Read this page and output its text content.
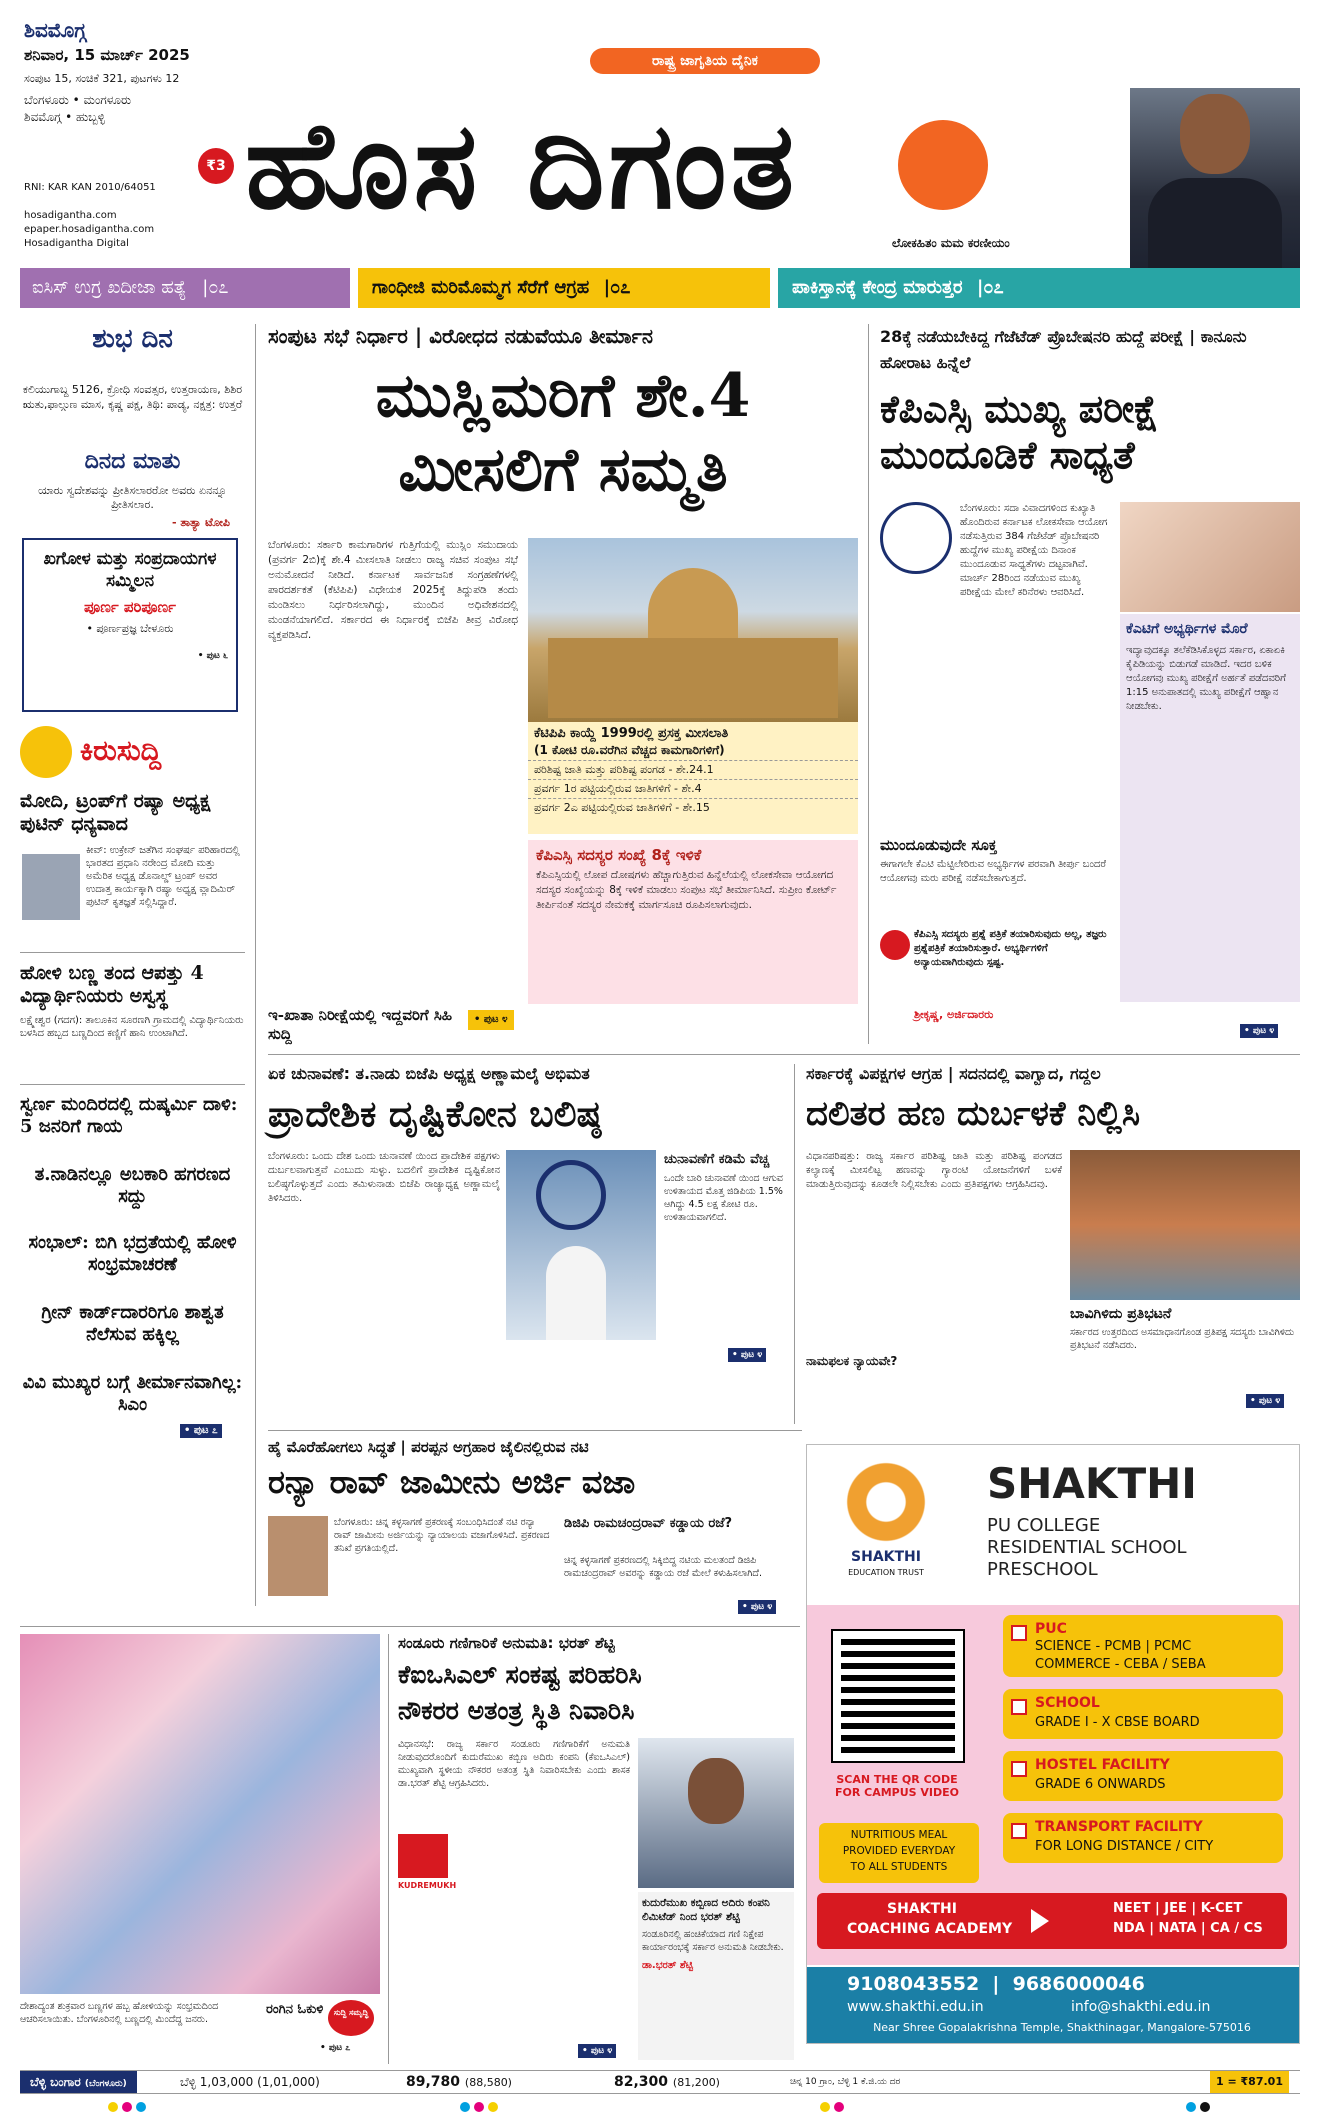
ಶಿವಮೊಗ್ಗ
ಶನಿವಾರ, 15 ಮಾರ್ಚ್ 2025
ಸಂಪುಟ 15, ಸಂಚಿಕೆ 321, ಪುಟಗಳು 12
ಬೆಂಗಳೂರು • ಮಂಗಳೂರು
ಶಿವಮೊಗ್ಗ • ಹುಬ್ಬಳ್ಳಿ
₹3
RNI: KAR KAN 2010/64051
hosadigantha.com
epaper.hosadigantha.com
Hosadigantha Digital
ರಾಷ್ಟ್ರ ಜಾಗೃತಿಯ ದೈನಿಕ
ಹೊಸ ದಿಗಂತ
ಲೋಕಹಿತಂ ಮಮ ಕರಣೀಯಂ
ಐಸಿಸ್ ಉಗ್ರ ಖದೀಜಾ ಹತ್ಯೆ |೦೭	ಗಾಂಧೀಜಿ ಮರಿಮೊಮ್ಮಗ ಸೆರೆಗೆ ಆಗ್ರಹ |೦೭	ಪಾಕಿಸ್ತಾನಕ್ಕೆ ಕೇಂದ್ರ ಮಾರುತ್ತರ |೦೭
ಶುಭ ದಿನ
ಕಲಿಯುಗಾಬ್ದ 5126, ಕ್ರೋಧಿ ಸಂವತ್ಸರ, ಉತ್ತರಾಯಣ, ಶಿಶಿರ ಋತು,ಫಾಲ್ಗುಣ ಮಾಸ, ಕೃಷ್ಣ ಪಕ್ಷ, ತಿಥಿ: ಪಾಡ್ಯ, ನಕ್ಷತ್ರ: ಉತ್ತರೆ
ದಿನದ ಮಾತು
ಯಾರು ಸ್ವದೇಶವನ್ನು ಪ್ರೀತಿಸಲಾರರೋ ಅವರು ಏನನ್ನೂ ಪ್ರೀತಿಸಲಾರ.
- ತಾತ್ಯಾ ಟೋಪಿ
ಖಗೋಳ ಮತ್ತು ಸಂಪ್ರದಾಯಗಳ ಸಮ್ಮಿಲನ
ಪೂರ್ಣ ಪರಿಪೂರ್ಣ
• ಪೂರ್ಣಪ್ರಜ್ಞ ಬೇಳೂರು
• ಪುಟ ೬
ಕಿರುಸುದ್ದಿ
ಮೋದಿ, ಟ್ರಂಪ್‌ಗೆ ರಷ್ಯಾ ಅಧ್ಯಕ್ಷ ಪುಟಿನ್ ಧನ್ಯವಾದ
ಕೀವ್: ಉಕ್ರೇನ್ ಜತೆಗಿನ ಸಂಘರ್ಷ ಪರಿಹಾರದಲ್ಲಿ ಭಾರತದ ಪ್ರಧಾನಿ ನರೇಂದ್ರ ಮೋದಿ ಮತ್ತು ಅಮೆರಿಕ ಅಧ್ಯಕ್ಷ ಡೊನಾಲ್ಡ್ ಟ್ರಂಪ್ ಅವರ ಉದಾತ್ತ ಕಾರ್ಯಕ್ಕಾಗಿ ರಷ್ಯಾ ಅಧ್ಯಕ್ಷ ವ್ಲಾದಿಮಿರ್ ಪುಟಿನ್ ಕೃತಜ್ಞತೆ ಸಲ್ಲಿಸಿದ್ದಾರೆ.
ಹೋಳಿ ಬಣ್ಣ ತಂದ ಆಪತ್ತು 4 ವಿದ್ಯಾರ್ಥಿನಿಯರು ಅಸ್ವಸ್ಥ
ಲಕ್ಷ್ಮೇಶ್ವರ (ಗದಗ): ತಾಲೂಕಿನ ಸೂರಣಗಿ ಗ್ರಾಮದಲ್ಲಿ ವಿದ್ಯಾರ್ಥಿನಿಯರು ಬಳಸಿದ ಹಬ್ಬದ ಬಣ್ಣದಿಂದ ಕಣ್ಣಿಗೆ ಹಾನಿ ಉಂಟಾಗಿದೆ.
ಸ್ವರ್ಣ ಮಂದಿರದಲ್ಲಿ ದುಷ್ಕರ್ಮಿ ದಾಳಿ: 5 ಜನರಿಗೆ ಗಾಯ
ತ.ನಾಡಿನಲ್ಲೂ ಅಬಕಾರಿ ಹಗರಣದ ಸದ್ದು
ಸಂಭಾಲ್: ಬಿಗಿ ಭದ್ರತೆಯಲ್ಲಿ ಹೋಳಿ ಸಂಭ್ರಮಾಚರಣೆ
ಗ್ರೀನ್ ಕಾರ್ಡ್‌ದಾರರಿಗೂ ಶಾಶ್ವತ ನೆಲೆಸುವ ಹಕ್ಕಿಲ್ಲ
ವಿವಿ ಮುಖ್ಯರ ಬಗ್ಗೆ ತೀರ್ಮಾನವಾಗಿಲ್ಲ: ಸಿಎಂ
• ಪುಟ ೭
ಸಂಪುಟ ಸಭೆ ನಿರ್ಧಾರ | ವಿರೋಧದ ನಡುವೆಯೂ ತೀರ್ಮಾನ
ಮುಸ್ಲಿಮರಿಗೆ ಶೇ.4
ಮೀಸಲಿಗೆ ಸಮ್ಮತಿ
ಬೆಂಗಳೂರು: ಸರ್ಕಾರಿ ಕಾಮಗಾರಿಗಳ ಗುತ್ತಿಗೆಯಲ್ಲಿ ಮುಸ್ಲಿಂ ಸಮುದಾಯ (ಪ್ರವರ್ಗ 2ಬಿ)ಕ್ಕೆ ಶೇ.4 ಮೀಸಲಾತಿ ನೀಡಲು ರಾಜ್ಯ ಸಚಿವ ಸಂಪುಟ ಸಭೆ ಅನುಮೋದನೆ ನೀಡಿದೆ. ಕರ್ನಾಟಕ ಸಾರ್ವಜನಿಕ ಸಂಗ್ರಹಣೆಗಳಲ್ಲಿ ಪಾರದರ್ಶಕತೆ (ಕೆಟಿಪಿಪಿ) ವಿಧೇಯಕ 2025ಕ್ಕೆ ತಿದ್ದುಪಡಿ ತಂದು ಮಂಡಿಸಲು ನಿರ್ಧರಿಸಲಾಗಿದ್ದು, ಮುಂದಿನ ಅಧಿವೇಶನದಲ್ಲಿ ಮಂಡನೆಯಾಗಲಿದೆ. ಸರ್ಕಾರದ ಈ ನಿರ್ಧಾರಕ್ಕೆ ಬಿಜೆಪಿ ತೀವ್ರ ವಿರೋಧ ವ್ಯಕ್ತಪಡಿಸಿದೆ.
ಕೆಟಿಪಿಪಿ ಕಾಯ್ದೆ 1999ರಲ್ಲಿ ಪ್ರಸಕ್ತ ಮೀಸಲಾತಿ
(1 ಕೋಟಿ ರೂ.ವರೆಗಿನ ವೆಚ್ಚದ ಕಾಮಗಾರಿಗಳಿಗೆ)
ಪರಿಶಿಷ್ಟ ಜಾತಿ ಮತ್ತು ಪರಿಶಿಷ್ಟ ಪಂಗಡ - ಶೇ.24.1
ಪ್ರವರ್ಗ 1ರ ಪಟ್ಟಿಯಲ್ಲಿರುವ ಜಾತಿಗಳಿಗೆ - ಶೇ.4
ಪ್ರವರ್ಗ 2ಎ ಪಟ್ಟಿಯಲ್ಲಿರುವ ಜಾತಿಗಳಿಗೆ - ಶೇ.15
ಕೆಪಿಎಸ್ಸಿ ಸದಸ್ಯರ ಸಂಖ್ಯೆ 8ಕ್ಕೆ ಇಳಿಕೆ
ಕೆಪಿಎಸ್ಸಿಯಲ್ಲಿ ಲೋಪ ದೋಷಗಳು ಹೆಚ್ಚಾಗುತ್ತಿರುವ ಹಿನ್ನೆಲೆಯಲ್ಲಿ ಲೋಕಸೇವಾ ಆಯೋಗದ ಸದಸ್ಯರ ಸಂಖ್ಯೆಯನ್ನು 8ಕ್ಕೆ ಇಳಿಕೆ ಮಾಡಲು ಸಂಪುಟ ಸಭೆ ತೀರ್ಮಾನಿಸಿದೆ. ಸುಪ್ರೀಂ ಕೋರ್ಟ್ ತೀರ್ಪಿನಂತೆ ಸದಸ್ಯರ ನೇಮಕಕ್ಕೆ ಮಾರ್ಗಸೂಚಿ ರೂಪಿಸಲಾಗುವುದು.
ಇ-ಖಾತಾ ನಿರೀಕ್ಷೆಯಲ್ಲಿ ಇದ್ದವರಿಗೆ ಸಿಹಿ ಸುದ್ದಿ
• ಪುಟ ೪
28ಕ್ಕೆ ನಡೆಯಬೇಕಿದ್ದ ಗೆಜೆಟೆಡ್ ಪ್ರೊಬೇಷನರಿ ಹುದ್ದೆ ಪರೀಕ್ಷೆ | ಕಾನೂನು ಹೋರಾಟ ಹಿನ್ನೆಲೆ
ಕೆಪಿಎಸ್ಸಿ ಮುಖ್ಯ ಪರೀಕ್ಷೆ
ಮುಂದೂಡಿಕೆ ಸಾಧ್ಯತೆ
ಬೆಂಗಳೂರು: ಸದಾ ವಿವಾದಗಳಿಂದ ಕುಖ್ಯಾತಿ ಹೊಂದಿರುವ ಕರ್ನಾಟಕ ಲೋಕಸೇವಾ ಆಯೋಗ ನಡೆಸುತ್ತಿರುವ 384 ಗೆಜೆಟೆಡ್ ಪ್ರೊಬೇಷನರಿ ಹುದ್ದೆಗಳ ಮುಖ್ಯ ಪರೀಕ್ಷೆಯ ದಿನಾಂಕ ಮುಂದೂಡುವ ಸಾಧ್ಯತೆಗಳು ದಟ್ಟವಾಗಿವೆ. ಮಾರ್ಚ್ 28ರಿಂದ ನಡೆಯುವ ಮುಖ್ಯ ಪರೀಕ್ಷೆಯ ಮೇಲೆ ಕರಿನೆರಳು ಆವರಿಸಿದೆ.
ಕೆಎಟಿಗೆ ಅಭ್ಯರ್ಥಿಗಳ ಮೊರೆ
ಇದ್ಯಾವುದಕ್ಕೂ ತಲೆಕೆಡಿಸಿಕೊಳ್ಳದ ಸರ್ಕಾರ, ಏಕಾಏಕಿ ಕೈಪಿಡಿಯನ್ನು ಬಿಡುಗಡೆ ಮಾಡಿದೆ. ಇದರ ಬಳಿಕ ಆಯೋಗವು ಮುಖ್ಯ ಪರೀಕ್ಷೆಗೆ ಅರ್ಹತೆ ಪಡೆದವರಿಗೆ 1:15 ಅನುಪಾತದಲ್ಲಿ ಮುಖ್ಯ ಪರೀಕ್ಷೆಗೆ ಆಹ್ವಾನ ನೀಡಬೇಕು.
ಮುಂದೂಡುವುದೇ ಸೂಕ್ತ
ಈಗಾಗಲೇ ಕೆಎಟಿ ಮೆಟ್ಟಿಲೇರಿರುವ ಅಭ್ಯರ್ಥಿಗಳ ಪರವಾಗಿ ತೀರ್ಪು ಬಂದರೆ ಆಯೋಗವು ಮರು ಪರೀಕ್ಷೆ ನಡೆಸಬೇಕಾಗುತ್ತದೆ.
ಕೆಪಿಎಸ್ಸಿ ಸದಸ್ಯರು ಪ್ರಶ್ನೆ ಪತ್ರಿಕೆ ತಯಾರಿಸುವುದು ಅಲ್ಲ, ತಜ್ಞರು ಪ್ರಶ್ನೆಪತ್ರಿಕೆ ತಯಾರಿಸುತ್ತಾರೆ. ಅಭ್ಯರ್ಥಿಗಳಿಗೆ ಅನ್ಯಾಯವಾಗಿರುವುದು ಸ್ಪಷ್ಟ.
ಶ್ರೀಕೃಷ್ಣ, ಅರ್ಜಿದಾರರು
• ಪುಟ ೪
ಏಕ ಚುನಾವಣೆ: ತ.ನಾಡು ಬಿಜೆಪಿ ಅಧ್ಯಕ್ಷ ಅಣ್ಣಾಮಲೈ ಅಭಿಮತ
ಪ್ರಾದೇಶಿಕ ದೃಷ್ಟಿಕೋನ ಬಲಿಷ್ಠ
ಬೆಂಗಳೂರು: ಒಂದು ದೇಶ ಒಂದು ಚುನಾವಣೆ ಯಿಂದ ಪ್ರಾದೇಶಿಕ ಪಕ್ಷಗಳು ದುರ್ಬಲವಾಗುತ್ತವೆ ಎಂಬುದು ಸುಳ್ಳು. ಬದಲಿಗೆ ಪ್ರಾದೇಶಿಕ ದೃಷ್ಟಿಕೋನ ಬಲಿಷ್ಠಗೊಳ್ಳುತ್ತದೆ ಎಂದು ತಮಿಳುನಾಡು ಬಿಜೆಪಿ ರಾಜ್ಯಾಧ್ಯಕ್ಷ ಅಣ್ಣಾಮಲೈ ತಿಳಿಸಿದರು.
ಚುನಾವಣೆಗೆ ಕಡಿಮೆ ವೆಚ್ಚ
ಒಂದೇ ಬಾರಿ ಚುನಾವಣೆ ಯಿಂದ ಆಗುವ ಉಳಿತಾಯದ ಮೊತ್ತ ಜಿಡಿಪಿಯ 1.5% ಆಗಿದ್ದು 4.5 ಲಕ್ಷ ಕೋಟಿ ರೂ. ಉಳಿತಾಯವಾಗಲಿದೆ.
• ಪುಟ ೪
ಸರ್ಕಾರಕ್ಕೆ ವಿಪಕ್ಷಗಳ ಆಗ್ರಹ | ಸದನದಲ್ಲಿ ವಾಗ್ವಾದ, ಗದ್ದಲ
ದಲಿತರ ಹಣ ದುರ್ಬಳಕೆ ನಿಲ್ಲಿಸಿ
ವಿಧಾನಪರಿಷತ್ತು: ರಾಜ್ಯ ಸರ್ಕಾರ ಪರಿಶಿಷ್ಟ ಜಾತಿ ಮತ್ತು ಪರಿಶಿಷ್ಟ ಪಂಗಡದ ಕಲ್ಯಾಣಕ್ಕೆ ಮೀಸಲಿಟ್ಟ ಹಣವನ್ನು ಗ್ಯಾರಂಟಿ ಯೋಜನೆಗಳಿಗೆ ಬಳಕೆ ಮಾಡುತ್ತಿರುವುದನ್ನು ಕೂಡಲೇ ನಿಲ್ಲಿಸಬೇಕು ಎಂದು ಪ್ರತಿಪಕ್ಷಗಳು ಆಗ್ರಹಿಸಿದವು.
ನಾಮಫಲಕ ನ್ಯಾಯವೇ?
ಬಾವಿಗಿಳಿದು ಪ್ರತಿಭಟನೆ
ಸರ್ಕಾರದ ಉತ್ತರದಿಂದ ಅಸಮಾಧಾನಗೊಂಡ ಪ್ರತಿಪಕ್ಷ ಸದಸ್ಯರು ಬಾವಿಗಿಳಿದು ಪ್ರತಿಭಟನೆ ನಡೆಸಿದರು.
• ಪುಟ ೪
ಹೈ ಮೊರೆಹೋಗಲು ಸಿದ್ಧತೆ | ಪರಪ್ಪನ ಅಗ್ರಹಾರ ಜೈಲಿನಲ್ಲಿರುವ ನಟಿ
ರನ್ಯಾ ರಾವ್ ಜಾಮೀನು ಅರ್ಜಿ ವಜಾ
ಬೆಂಗಳೂರು: ಚಿನ್ನ ಕಳ್ಳಸಾಗಣೆ ಪ್ರಕರಣಕ್ಕೆ ಸಂಬಂಧಿಸಿದಂತೆ ನಟಿ ರನ್ಯಾ ರಾವ್ ಜಾಮೀನು ಅರ್ಜಿಯನ್ನು ನ್ಯಾಯಾಲಯ ವಜಾಗೊಳಿಸಿದೆ. ಪ್ರಕರಣದ ತನಿಖೆ ಪ್ರಗತಿಯಲ್ಲಿದೆ.
ಡಿಜಿಪಿ ರಾಮಚಂದ್ರರಾವ್ ಕಡ್ಡಾಯ ರಜೆ?
ಚಿನ್ನ ಕಳ್ಳಸಾಗಣೆ ಪ್ರಕರಣದಲ್ಲಿ ಸಿಕ್ಕಿಬಿದ್ದ ನಟಿಯ ಮಲತಂದೆ ಡಿಜಿಪಿ ರಾಮಚಂದ್ರರಾವ್ ಅವರನ್ನು ಕಡ್ಡಾಯ ರಜೆ ಮೇಲೆ ಕಳುಹಿಸಲಾಗಿದೆ.
• ಪುಟ ೪
SHAKTHI
EDUCATION TRUST
SHAKTHI
PU COLLEGE
RESIDENTIAL SCHOOL
PRESCHOOL
SCAN THE QR CODE
FOR CAMPUS VIDEO
NUTRITIOUS MEAL
PROVIDED EVERYDAY
TO ALL STUDENTS
PUC
SCIENCE - PCMB | PCMC
COMMERCE - CEBA / SEBA
SCHOOL
GRADE I - X CBSE BOARD
HOSTEL FACILITY
GRADE 6 ONWARDS
TRANSPORT FACILITY
FOR LONG DISTANCE / CITY
SHAKTHI
COACHING ACADEMY
NEET | JEE | K-CET
NDA | NATA | CA / CS
9108043552  |  9686000046
www.shakthi.edu.in	info@shakthi.edu.in
Near Shree Gopalakrishna Temple, Shakthinagar, Mangalore-575016
ದೇಶಾದ್ಯಂತ ಶುಕ್ರವಾರ ಬಣ್ಣಗಳ ಹಬ್ಬ ಹೋಳಿಯನ್ನು ಸಂಭ್ರಮದಿಂದ ಆಚರಿಸಲಾಯಿತು. ಬೆಂಗಳೂರಿನಲ್ಲಿ ಬಣ್ಣದಲ್ಲಿ ಮಿಂದೆದ್ದ ಜನರು.
ರಂಗಿನ ಓಕುಳಿ	ಸುದ್ದಿ ಸಮೃದ್ಧಿ
• ಪುಟ ೭
ಸಂಡೂರು ಗಣಿಗಾರಿಕೆ ಅನುಮತಿ: ಭರತ್ ಶೆಟ್ಟಿ
ಕೆಐಒಸಿಎಲ್ ಸಂಕಷ್ಟ ಪರಿಹರಿಸಿ
ನೌಕರರ ಅತಂತ್ರ ಸ್ಥಿತಿ ನಿವಾರಿಸಿ
ವಿಧಾನಸಭೆ: ರಾಜ್ಯ ಸರ್ಕಾರ ಸಂಡೂರು ಗಣಿಗಾರಿಕೆಗೆ ಅನುಮತಿ ನೀಡುವುದರೊಂದಿಗೆ ಕುದುರೆಮುಖ ಕಬ್ಬಿಣ ಅದಿರು ಕಂಪನಿ (ಕೆಐಒಸಿಎಲ್) ಮುಖ್ಯವಾಗಿ ಸ್ಥಳೀಯ ನೌಕರರ ಅತಂತ್ರ ಸ್ಥಿತಿ ನಿವಾರಿಸಬೇಕು ಎಂದು ಶಾಸಕ ಡಾ.ಭರತ್ ಶೆಟ್ಟಿ ಆಗ್ರಹಿಸಿದರು.
KUDREMUKH
ಕುದುರೆಮುಖ ಕಬ್ಬಿಣದ ಅದಿರು ಕಂಪನಿ ಲಿಮಿಟೆಡ್ ನಿಂದ ಭರತ್ ಶೆಟ್ಟಿ
ಸಂಡೂರಿನಲ್ಲಿ ಹಂಚಿಕೆಯಾದ ಗಣಿ ನಿಕ್ಷೇಪ ಕಾರ್ಯಾರಂಭಕ್ಕೆ ಸರ್ಕಾರ ಅನುಮತಿ ನೀಡಬೇಕು.
ಡಾ.ಭರತ್ ಶೆಟ್ಟಿ
• ಪುಟ ೪
ಬೆಳ್ಳಿ ಬಂಗಾರ (ಬೆಂಗಳೂರು)	ಬೆಳ್ಳಿ 1,03,000 (1,01,000)	89,780 (88,580)	82,300 (81,200)	ಚಿನ್ನ 10 ಗ್ರಾಂ, ಬೆಳ್ಳಿ 1 ಕೆ.ಜಿ.ಯ ದರ	1 = ₹87.01
